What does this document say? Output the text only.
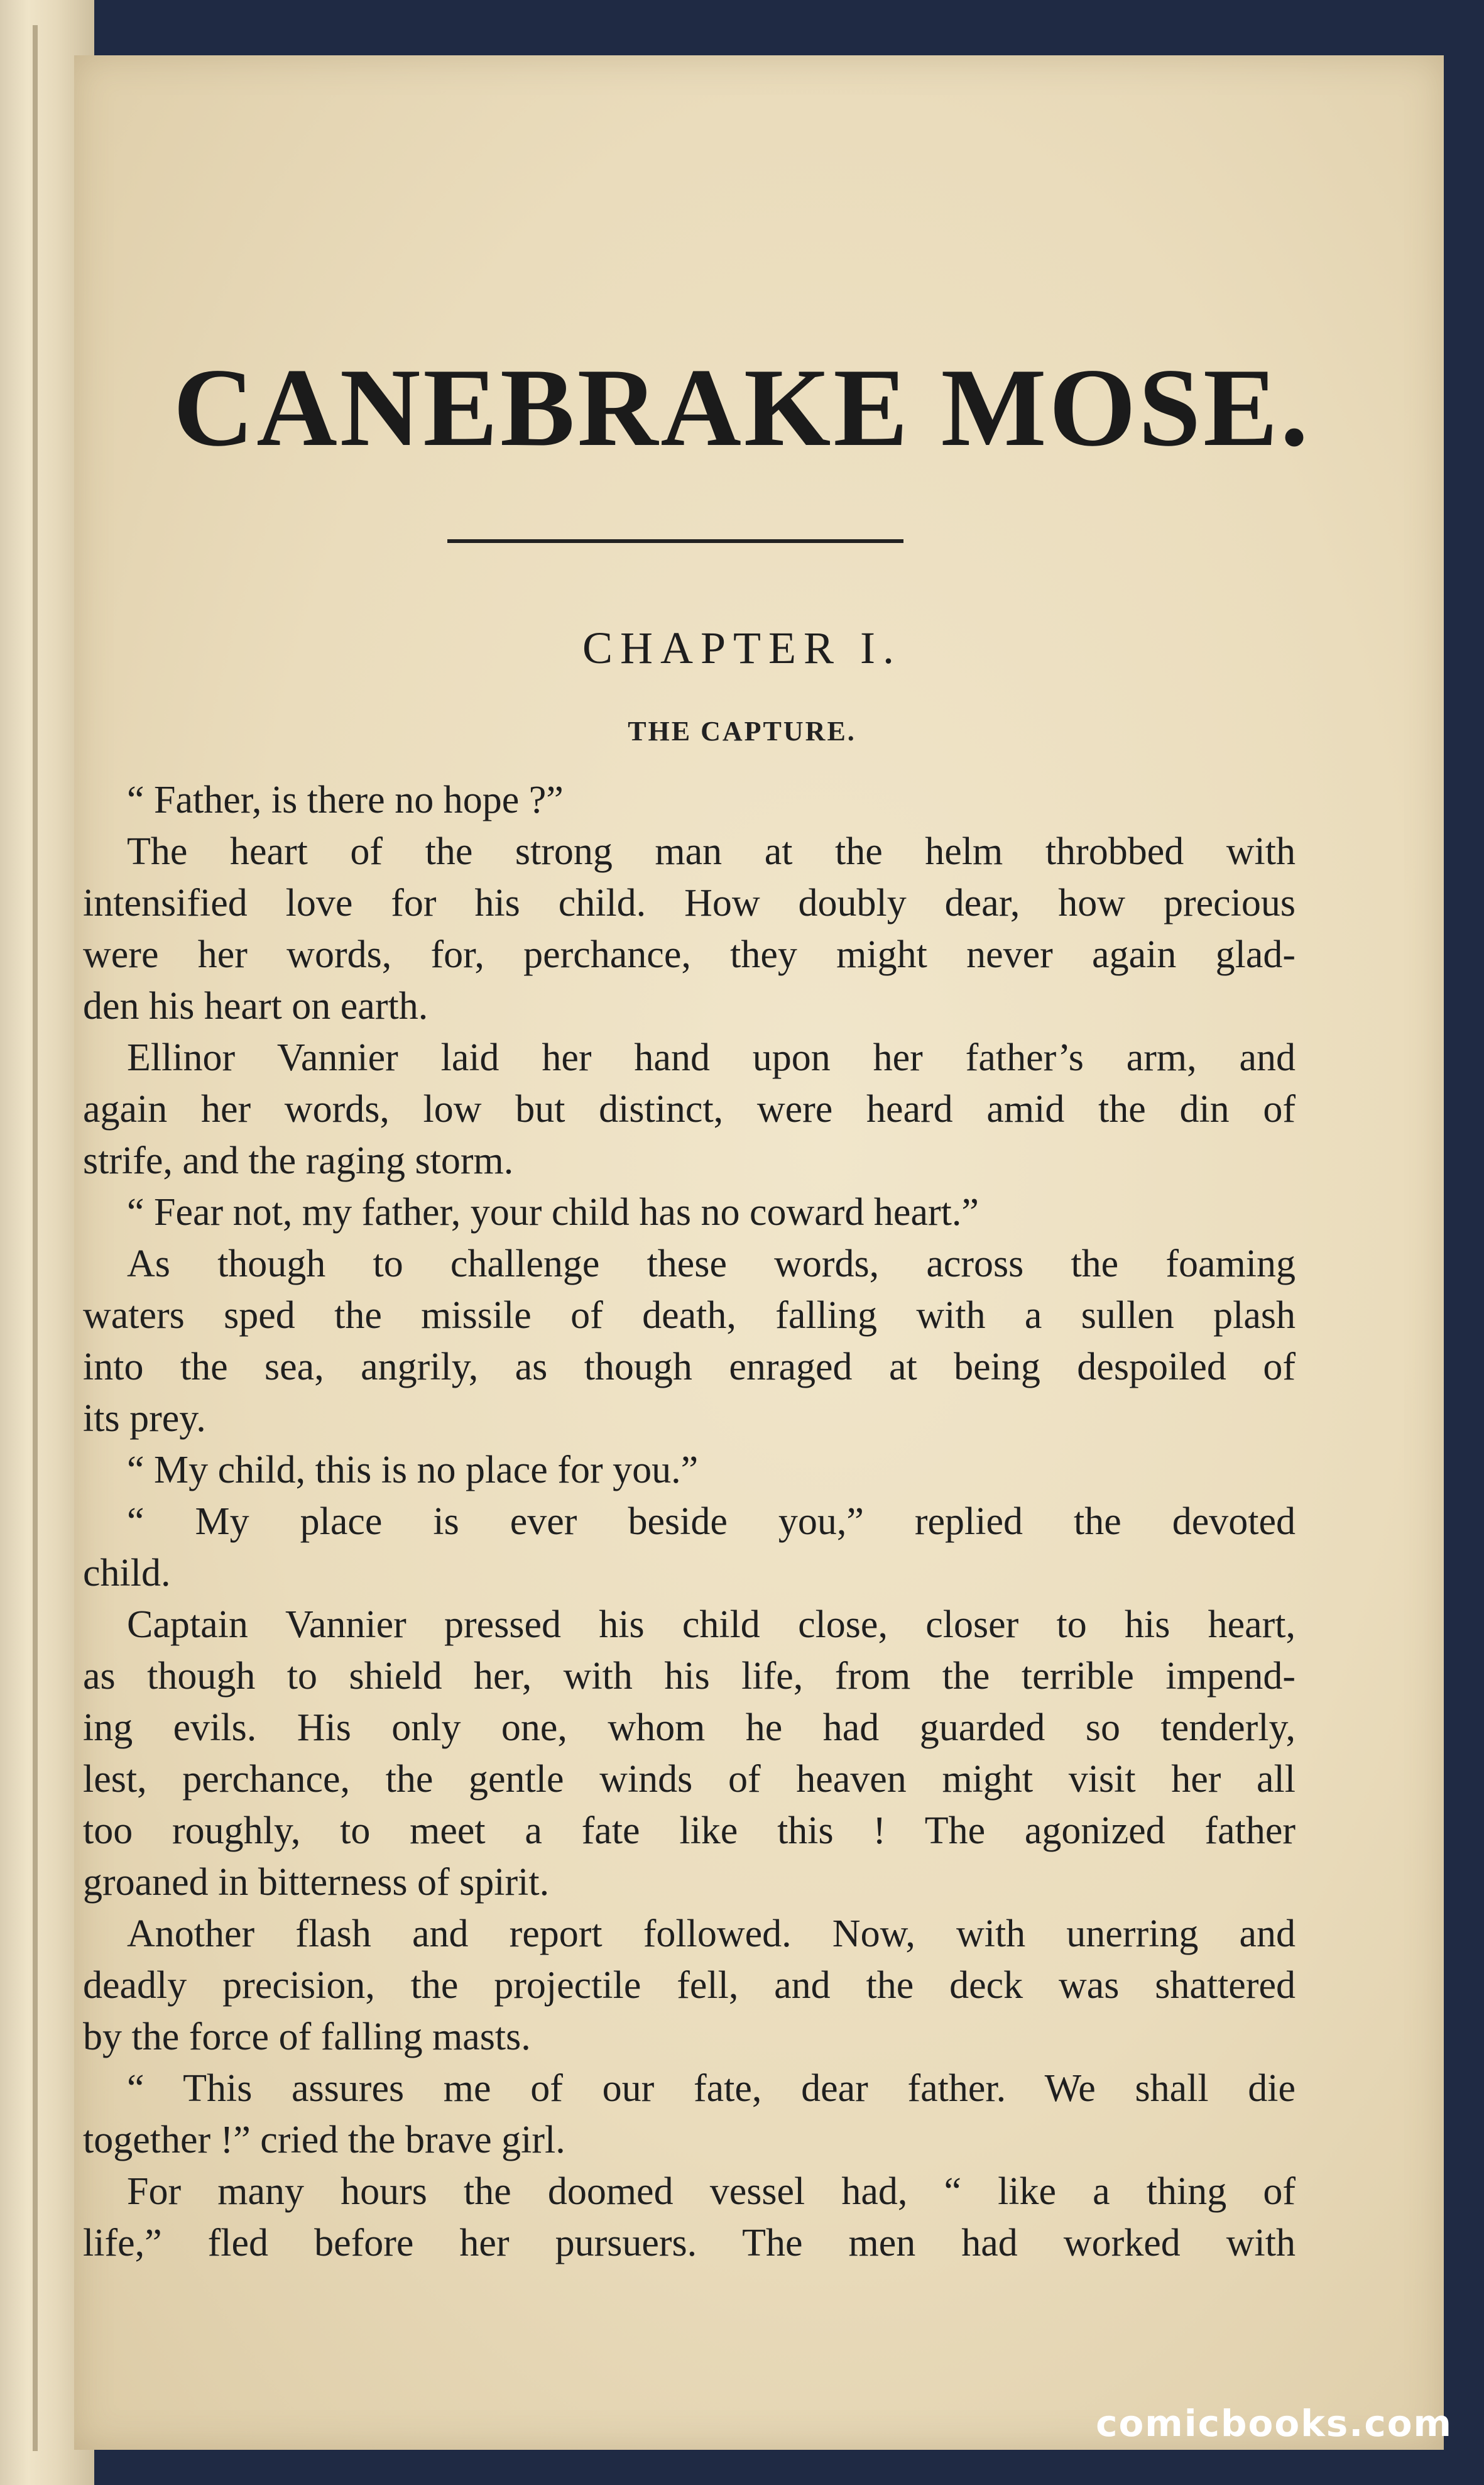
CANEBRAKE MOSE.
CHAPTER I.
THE CAPTURE.
“ Father, is there no hope ?”
The heart of the strong man at the helm throbbed with
intensified love for his child. How doubly dear, how precious
were her words, for, perchance, they might never again glad-
den his heart on earth.
Ellinor Vannier laid her hand upon her father’s arm, and
again her words, low but distinct, were heard amid the din of
strife, and the raging storm.
“ Fear not, my father, your child has no coward heart.”
As though to challenge these words, across the foaming
waters sped the missile of death, falling with a sullen plash
into the sea, angrily, as though enraged at being despoiled of
its prey.
“ My child, this is no place for you.”
“ My place is ever beside you,” replied the devoted
child.
Captain Vannier pressed his child close, closer to his heart,
as though to shield her, with his life, from the terrible impend-
ing evils. His only one, whom he had guarded so tenderly,
lest, perchance, the gentle winds of heaven might visit her all
too roughly, to meet a fate like this ! The agonized father
groaned in bitterness of spirit.
Another flash and report followed. Now, with unerring and
deadly precision, the projectile fell, and the deck was shattered
by the force of falling masts.
“ This assures me of our fate, dear father. We shall die
together !” cried the brave girl.
For many hours the doomed vessel had, “ like a thing of
life,” fled before her pursuers. The men had worked with
comicbooks.com
